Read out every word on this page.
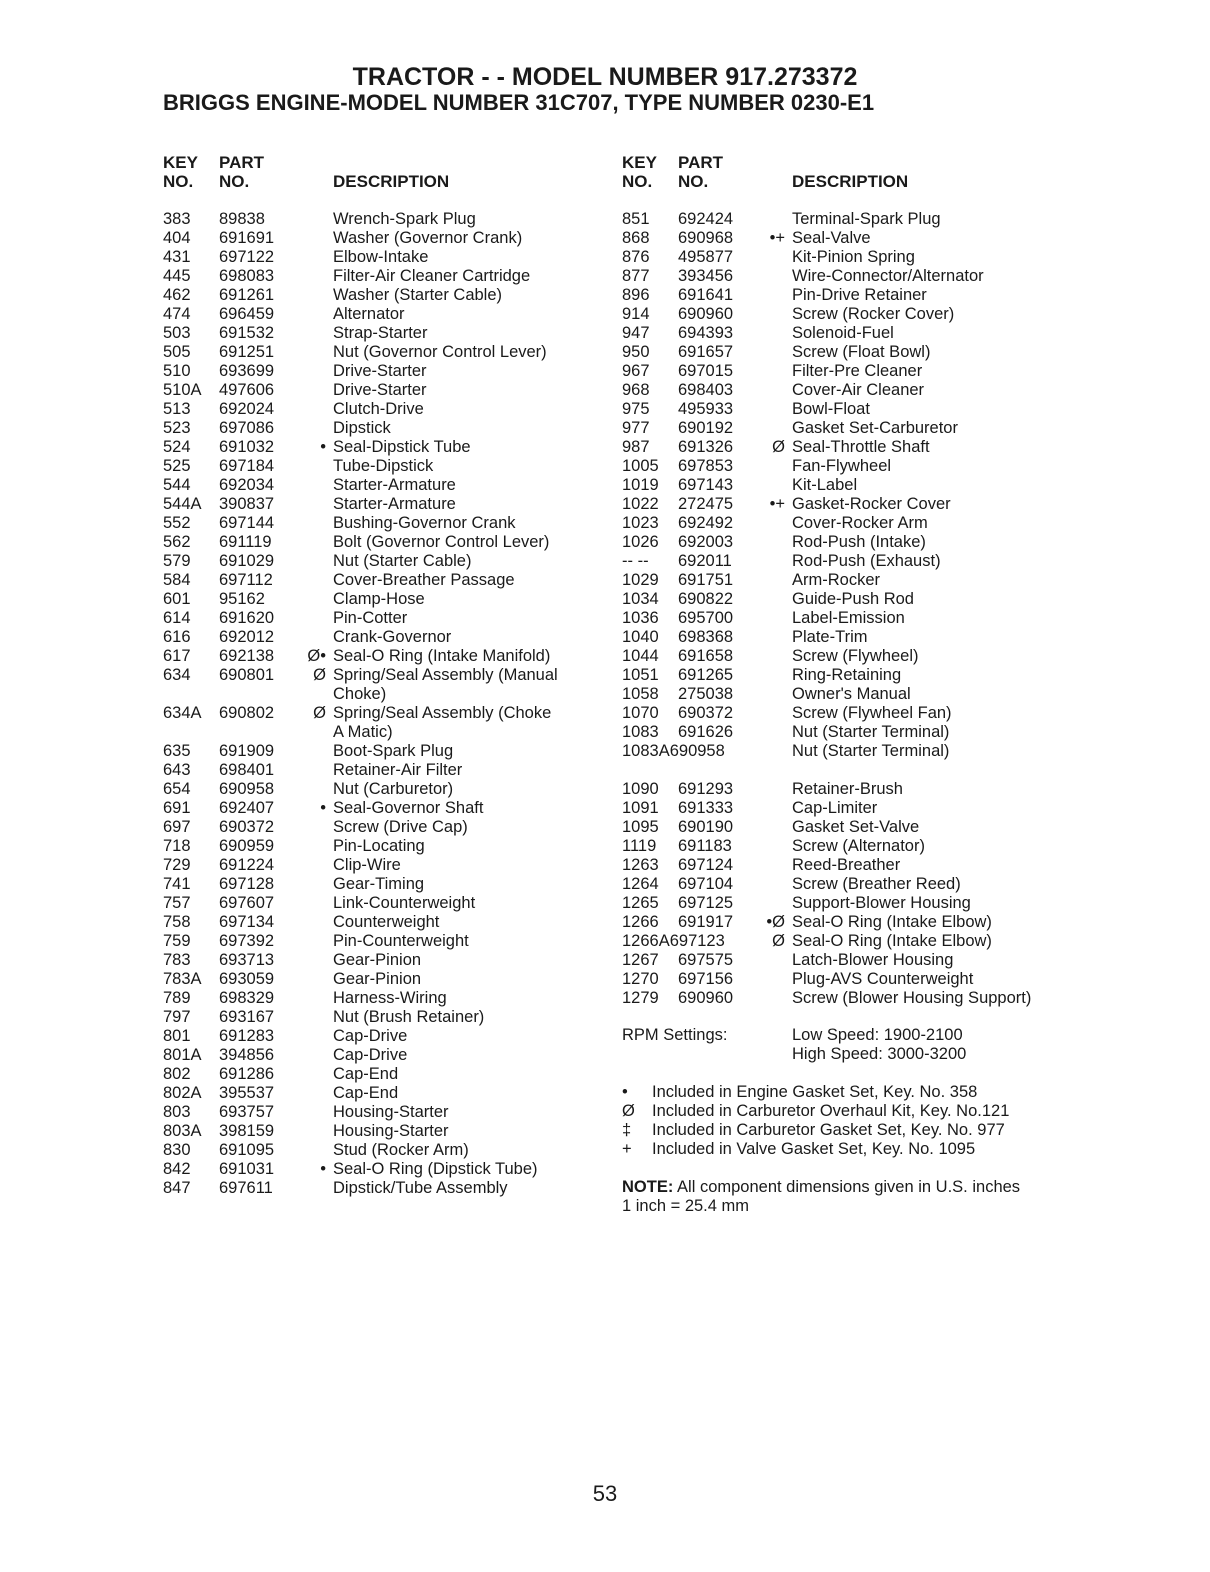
TRACTOR - - MODEL NUMBER 917.273372
BRIGGS ENGINE-MODEL NUMBER 31C707, TYPE NUMBER 0230-E1
KEY
NO.
PART
NO.	DESCRIPTION
383 89838	Wrench-Spark Plug
404 691691	Washer (Governor Crank)
431 697122	Elbow-Intake
445 698083	Filter-Air Cleaner Cartridge
462 691261	Washer (Starter Cable)
474 696459	Alternator
503 691532	Strap-Starter
505 691251	Nut (Governor Control Lever)
510 693699	Drive-Starter
510A 497606	Drive-Starter
513 692024	Clutch-Drive
523 697086	Dipstick
524 691032	• Seal-Dipstick Tube
525 697184	Tube-Dipstick
544 692034	Starter-Armature
544A 390837	Starter-Armature
552 697144	Bushing-Governor Crank
562 691119	Bolt (Governor Control Lever)
579 691029	Nut (Starter Cable)
584 697112	Cover-Breather Passage
601 95162	Clamp-Hose
614 691620	Pin-Cotter
616 692012	Crank-Governor
617 692138	Ø• Seal-O Ring (Intake Manifold)
634 690801	Ø Spring/Seal Assembly (Manual
Choke)
634A 690802	Ø Spring/Seal Assembly (Choke
A Matic)
635 691909	Boot-Spark Plug
643 698401	Retainer-Air Filter
654 690958	Nut (Carburetor)
691 692407	• Seal-Governor Shaft
697 690372	Screw (Drive Cap)
718 690959	Pin-Locating
729 691224	Clip-Wire
741 697128	Gear-Timing
757 697607	Link-Counterweight
758 697134	Counterweight
759 697392	Pin-Counterweight
783 693713	Gear-Pinion
783A 693059	Gear-Pinion
789 698329	Harness-Wiring
797 693167	Nut (Brush Retainer)
801 691283	Cap-Drive
801A 394856	Cap-Drive
802 691286	Cap-End
802A 395537	Cap-End
803 693757	Housing-Starter
803A 398159	Housing-Starter
830 691095	Stud (Rocker Arm)
842 691031	• Seal-O Ring (Dipstick Tube)
847 697611	Dipstick/Tube Assembly
KEY
NO.
PART
NO.	DESCRIPTION
851 692424	Terminal-Spark Plug
868 690968	•+ Seal-Valve
876 495877	Kit-Pinion Spring
877 393456	Wire-Connector/Alternator
896 691641	Pin-Drive Retainer
914 690960	Screw (Rocker Cover)
947 694393	Solenoid-Fuel
950 691657	Screw (Float Bowl)
967 697015	Filter-Pre Cleaner
968 698403	Cover-Air Cleaner
975 495933	Bowl-Float
977 690192	Gasket Set-Carburetor
987 691326	Ø Seal-Throttle Shaft
1005 697853	Fan-Flywheel
1019 697143	Kit-Label
1022 272475	•+ Gasket-Rocker Cover
1023 692492	Cover-Rocker Arm
1026 692003	Rod-Push (Intake)
-- -- 692011	Rod-Push (Exhaust)
1029 691751	Arm-Rocker
1034 690822	Guide-Push Rod
1036 695700	Label-Emission
1040 698368	Plate-Trim
1044 691658	Screw (Flywheel)
1051 691265	Ring-Retaining
1058 275038	Owner's Manual
1070 690372	Screw (Flywheel Fan)
1083 691626	Nut (Starter Terminal)
1083A690958	Nut (Starter Terminal)
1090 691293	Retainer-Brush
1091 691333	Cap-Limiter
1095 690190	Gasket Set-Valve
1119 691183	Screw (Alternator)
1263 697124	Reed-Breather
1264 697104	Screw (Breather Reed)
1265 697125	Support-Blower Housing
1266 691917	•Ø Seal-O Ring (Intake Elbow)
1266A697123	Ø Seal-O Ring (Intake Elbow)
1267 697575	Latch-Blower Housing
1270 697156	Plug-AVS Counterweight
1279 690960	Screw (Blower Housing Support)
RPM Settings:	Low Speed: 1900-2100
High Speed: 3000-3200
•	Included in Engine Gasket Set, Key. No. 358
Ø	Included in Carburetor Overhaul Kit, Key. No.121
‡	Included in Carburetor Gasket Set, Key. No. 977
+	Included in Valve Gasket Set, Key. No. 1095
NOTE: All component dimensions given in U.S. inches
1 inch = 25.4 mm
53
